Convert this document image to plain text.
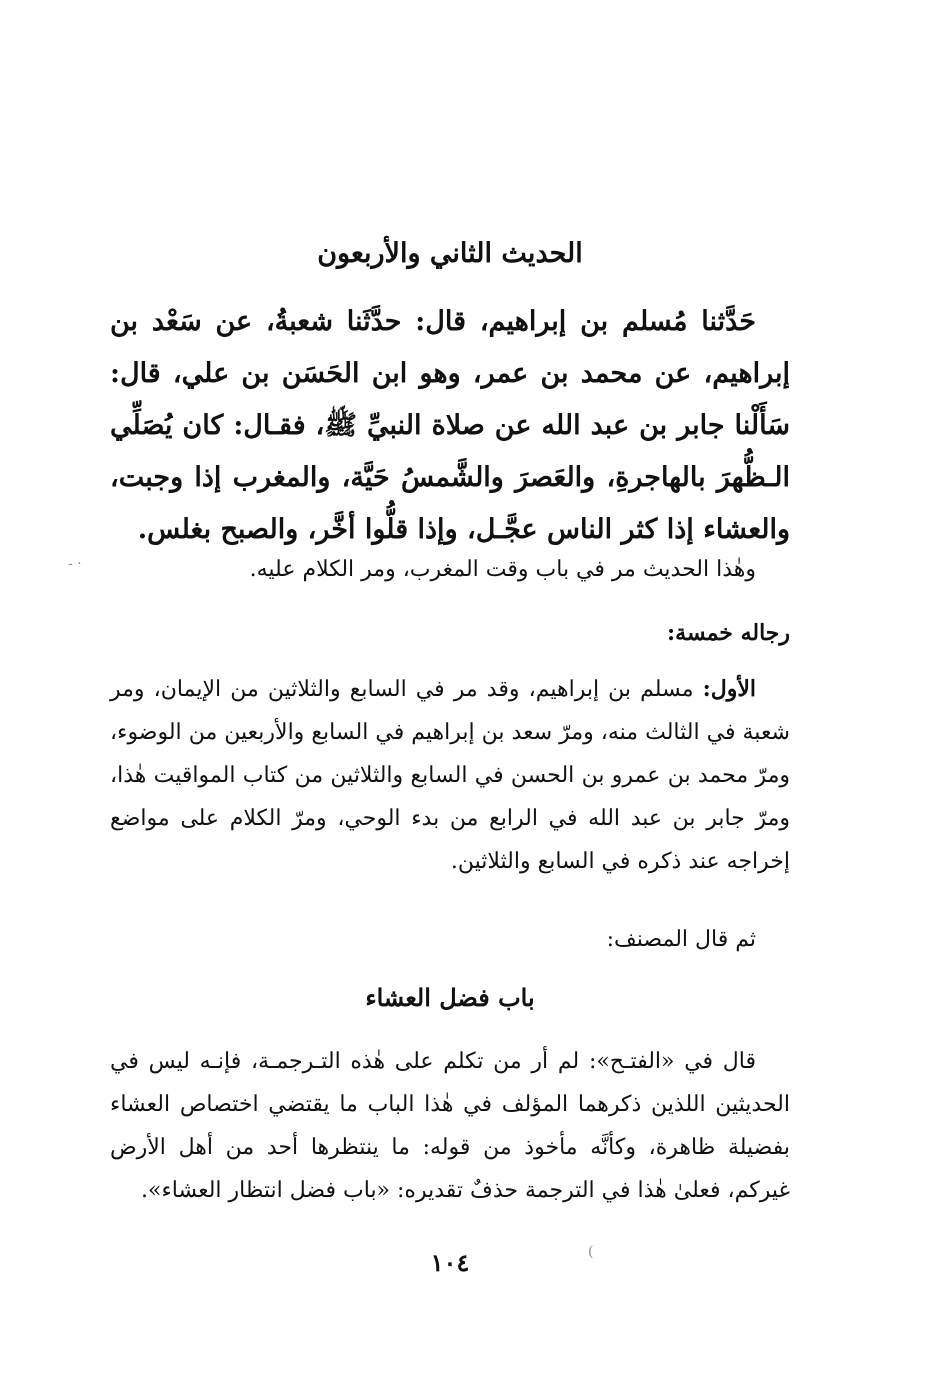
الحديث الثاني والأربعون

حَدَّثنا مُسلم بن إبراهيم، قال: حدَّثَنا شعبةُ، عن سَعْد بن إبراهيم، عن محمد بن عمر، وهو ابن الحَسَن بن علي، قال: سَأَلْنا جابر بن عبد الله عن صلاة النبيِّ ﷺ، فقـال: كان يُصَلِّي الـظُّهرَ بالهاجرةِ، والعَصرَ والشَّمسُ حَيَّة، والمغرب إذا وجبت، والعشاء إذا كثر الناس عجَّـل، وإذا قلُّوا أخَّر، والصبح بغلس.

وهٰذا الحديث مر في باب وقت المغرب، ومر الكلام عليه.

رجاله خمسة:

الأول: مسلم بن إبراهيم، وقد مر في السابع والثلاثين من الإيمان، ومر شعبة في الثالث منه، ومرّ سعد بن إبراهيم في السابع والأربعين من الوضوء، ومرّ محمد بن عمرو بن الحسن في السابع والثلاثين من كتاب المواقيت هٰذا، ومرّ جابر بن عبد الله في الرابع من بدء الوحي، ومرّ الكلام على مواضع إخراجه عند ذكره في السابع والثلاثين.

ثم قال المصنف:

باب فضل العشاء

قال في «الفتـح»: لم أر من تكلم على هٰذه التـرجمـة، فإنـه ليس في الحديثين اللذين ذكرهما المؤلف في هٰذا الباب ما يقتضي اختصاص العشاء بفضيلة ظاهرة، وكأنَّه مأخوذ من قوله: ما ينتظرها أحد من أهل الأرض غيركم، فعلىٰ هٰذا في الترجمة حذفٌ تقديره: «باب فضل انتظار العشاء».

١٠٤
- ·
(
